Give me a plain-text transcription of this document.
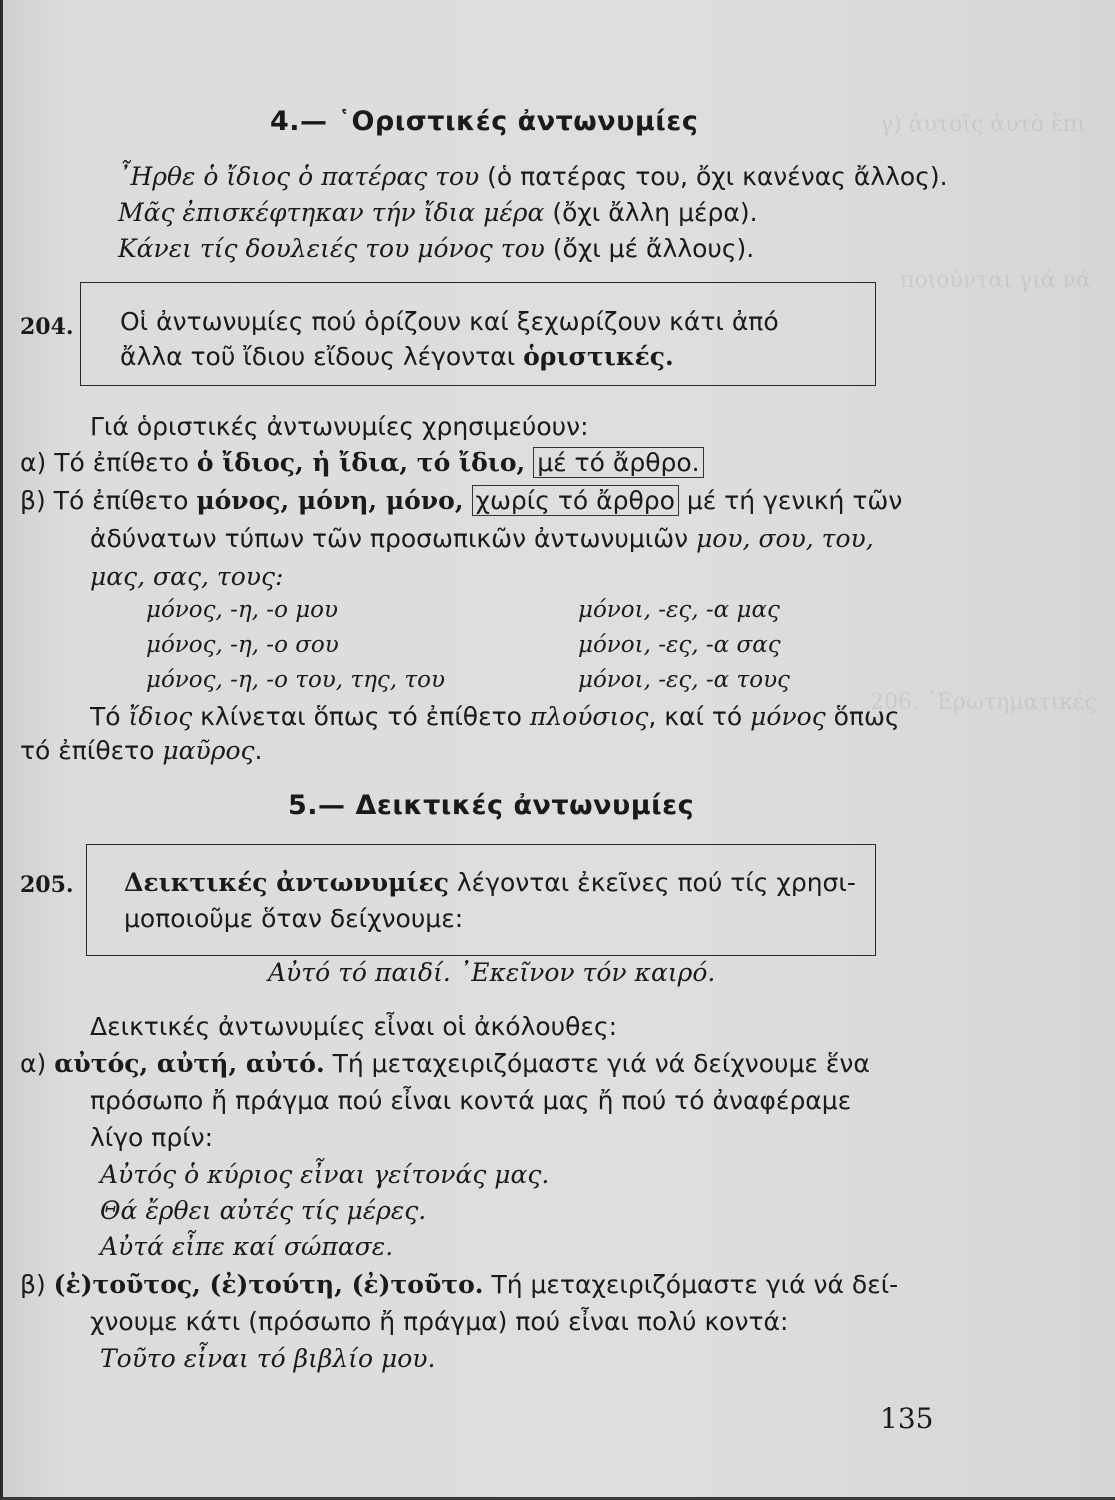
γ) ἀυτοῖς ἀυτὸ ἔπι
ποιούνται γιά νά
206. ᾿Ερωτηματικές
4.— ῾Οριστικές ἀντωνυμίες
῏Ηρθε ὁ ἴδιος ὁ πατέρας του (ὁ πατέρας του, ὄχι κανένας ἄλλος).
Μᾶς ἐπισκέφτηκαν τήν ἴδια μέρα (ὄχι ἄλλη μέρα).
Κάνει τίς δουλειές του μόνος του (ὄχι μέ ἄλλους).
204. Οἱ ἀντωνυμίες πού ὁρίζουν καί ξεχωρίζουν κάτι ἀπό
ἄλλα τοῦ ἴδιου εἴδους λέγονται ὁριστικές.
Γιά ὁριστικές ἀντωνυμίες χρησιμεύουν:
α) Τό ἐπίθετο ὁ ἴδιος, ἡ ἴδια, τό ἴδιο, μέ τό ἄρθρο.
β) Τό ἐπίθετο μόνος, μόνη, μόνο, χωρίς τό ἄρθρο μέ τή γενική τῶν
ἀδύνατων τύπων τῶν προσωπικῶν ἀντωνυμιῶν μου, σου, του,
μας, σας, τους:
μόνος, -η, -ο μου
μόνος, -η, -ο σου
μόνος, -η, -ο του, της, του
μόνοι, -ες, -α μας
μόνοι, -ες, -α σας
μόνοι, -ες, -α τους
Τό ἴδιος κλίνεται ὅπως τό ἐπίθετο πλούσιος, καί τό μόνος ὅπως
τό ἐπίθετο μαῦρος.
5.— Δεικτικές ἀντωνυμίες
205. Δεικτικές ἀντωνυμίες λέγονται ἐκεῖνες πού τίς χρησι-
μοποιοῦμε ὅταν δείχνουμε:
Αὐτό τό παιδί. ᾿Εκεῖνον τόν καιρό.
Δεικτικές ἀντωνυμίες εἶναι οἱ ἀκόλουθες:
α) αὐτός, αὐτή, αὐτό. Τή μεταχειριζόμαστε γιά νά δείχνουμε ἕνα
πρόσωπο ἤ πράγμα πού εἶναι κοντά μας ἤ πού τό ἀναφέραμε
λίγο πρίν:
Αὐτός ὁ κύριος εἶναι γείτονάς μας.
Θά ἔρθει αὐτές τίς μέρες.
Αὐτά εἶπε καί σώπασε.
β) (ἐ)τοῦτος, (ἐ)τούτη, (ἐ)τοῦτο. Τή μεταχειριζόμαστε γιά νά δεί-
χνουμε κάτι (πρόσωπο ἤ πράγμα) πού εἶναι πολύ κοντά:
Τοῦτο εἶναι τό βιβλίο μου.
135
